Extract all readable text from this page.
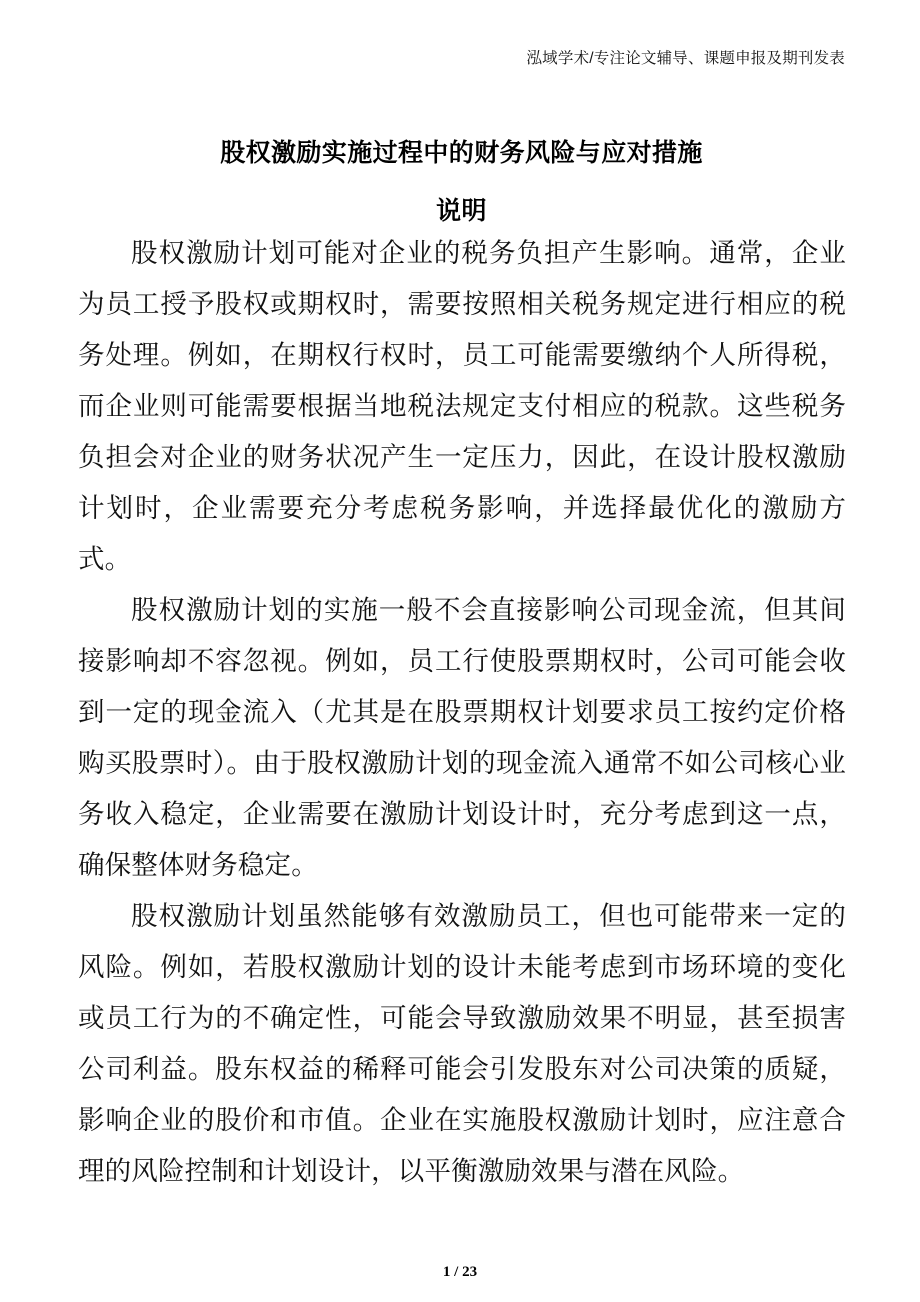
泓域学术/专注论文辅导、课题申报及期刊发表
股权激励实施过程中的财务风险与应对措施
说明

股权激励计划可能对企业的税务负担产生影响。通常，企业为员工授予股权或期权时，需要按照相关税务规定进行相应的税务处理。例如，在期权行权时，员工可能需要缴纳个人所得税，而企业则可能需要根据当地税法规定支付相应的税款。这些税务负担会对企业的财务状况产生一定压力，因此，在设计股权激励计划时，企业需要充分考虑税务影响，并选择最优化的激励方式。

股权激励计划的实施一般不会直接影响公司现金流，但其间接影响却不容忽视。例如，员工行使股票期权时，公司可能会收到一定的现金流入（尤其是在股票期权计划要求员工按约定价格购买股票时）。由于股权激励计划的现金流入通常不如公司核心业务收入稳定，企业需要在激励计划设计时，充分考虑到这一点，确保整体财务稳定。

股权激励计划虽然能够有效激励员工，但也可能带来一定的风险。例如，若股权激励计划的设计未能考虑到市场环境的变化或员工行为的不确定性，可能会导致激励效果不明显，甚至损害公司利益。股东权益的稀释可能会引发股东对公司决策的质疑，影响企业的股价和市值。企业在实施股权激励计划时，应注意合理的风险控制和计划设计，以平衡激励效果与潜在风险。

1 / 23
